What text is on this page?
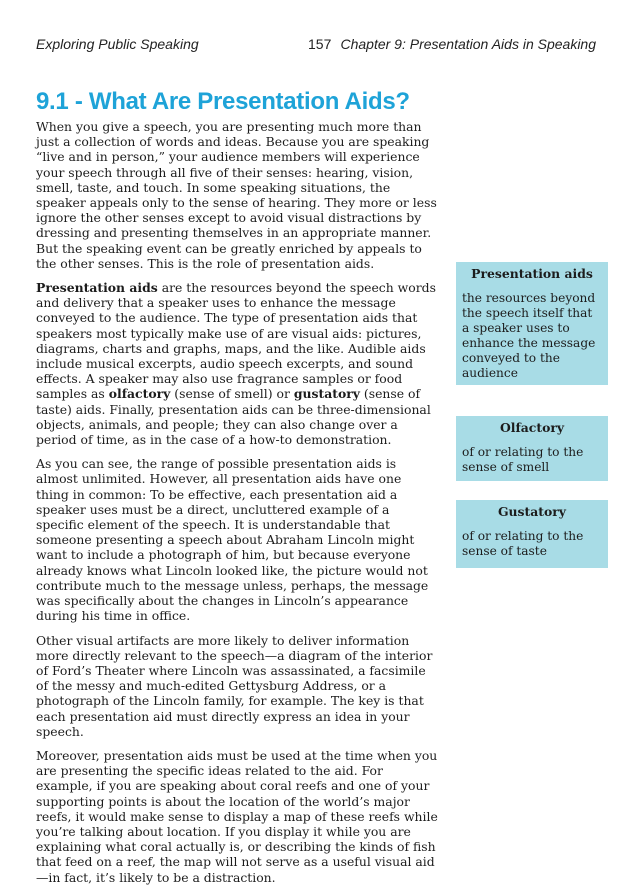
Exploring Public Speaking	157 Chapter 9: Presentation Aids in Speaking
9.1 - What Are Presentation Aids?

When you give a speech, you are presenting much more than just a collection of words and ideas. Because you are speaking “live and in person,” your audience members will experience your speech through all five of their senses: hearing, vision, smell, taste, and touch. In some speaking situations, the speaker appeals only to the sense of hearing. They more or less ignore the other senses except to avoid visual distractions by dressing and presenting themselves in an appropriate manner. But the speaking event can be greatly enriched by appeals to the other senses. This is the role of presentation aids.

Presentation aids are the resources beyond the speech words and delivery that a speaker uses to enhance the message conveyed to the audience. The type of presentation aids that speakers most typically make use of are visual aids: pictures, diagrams, charts and graphs, maps, and the like. Audible aids include musical excerpts, audio speech excerpts, and sound effects. A speaker may also use fragrance samples or food samples as olfactory (sense of smell) or gustatory (sense of taste) aids. Finally, presentation aids can be three-dimensional objects, animals, and people; they can also change over a period of time, as in the case of a how-to demonstration.

As you can see, the range of possible presentation aids is almost unlimited. However, all presentation aids have one thing in common: To be effective, each presentation aid a speaker uses must be a direct, uncluttered example of a specific element of the speech. It is understandable that someone presenting a speech about Abraham Lincoln might want to include a photograph of him, but because everyone already knows what Lincoln looked like, the picture would not contribute much to the message unless, perhaps, the message was specifically about the changes in Lincoln’s appearance during his time in office.

Other visual artifacts are more likely to deliver information more directly relevant to the speech—a diagram of the interior of Ford’s Theater where Lincoln was assassinated, a facsimile of the messy and much-edited Gettysburg Address, or a photograph of the Lincoln family, for example. The key is that each presentation aid must directly express an idea in your speech.

Moreover, presentation aids must be used at the time when you are presenting the specific ideas related to the aid. For example, if you are speaking about coral reefs and one of your supporting points is about the location of the world’s major reefs, it would make sense to display a map of these reefs while you’re talking about location. If you display it while you are explaining what coral actually is, or describing the kinds of fish that feed on a reef, the map will not serve as a useful visual aid—in fact, it’s likely to be a distraction.

Presentation aids
the resources beyond the speech itself that a speaker uses to enhance the message conveyed to the audience
Olfactory
of or relating to the sense of smell
Gustatory
of or relating to the sense of taste
